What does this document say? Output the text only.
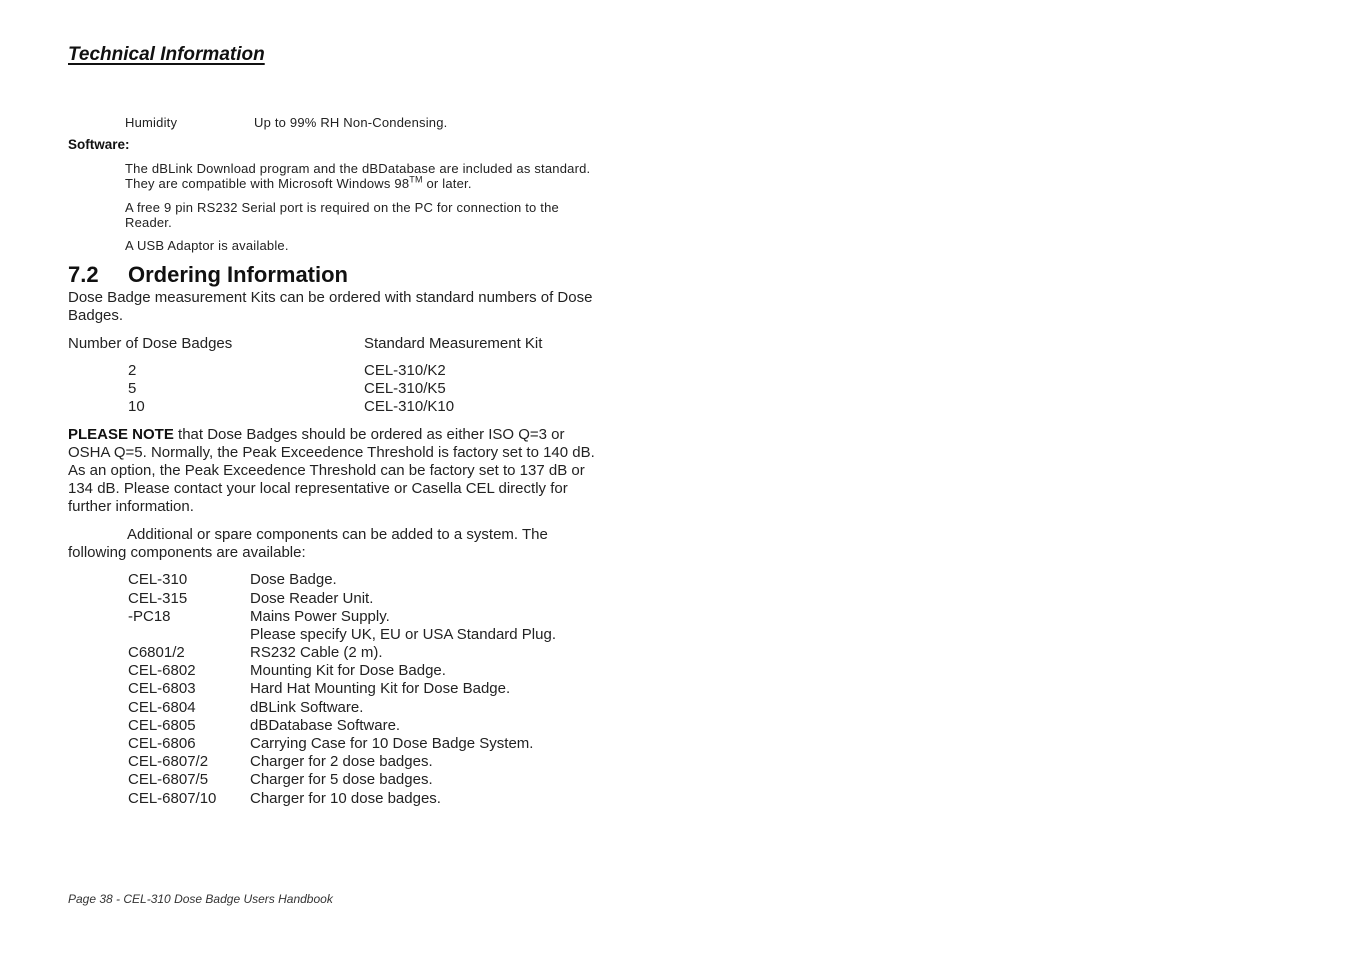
Technical Information
Humidity	Up to 99% RH Non-Condensing.
Software:
The dBLink Download program and the dBDatabase are included as standard. They are compatible with Microsoft Windows 98™ or later.
A free 9 pin RS232 Serial port is required on the PC for connection to the Reader.
A USB Adaptor is available.
7.2 Ordering Information
Dose Badge measurement Kits can be ordered with standard numbers of Dose Badges.
Number of Dose Badges	Standard Measurement Kit
2	CEL-310/K2
5	CEL-310/K5
10	CEL-310/K10
PLEASE NOTE that Dose Badges should be ordered as either ISO Q=3 or OSHA Q=5. Normally, the Peak Exceedence Threshold is factory set to 140 dB. As an option, the Peak Exceedence Threshold can be factory set to 137 dB or 134 dB. Please contact your local representative or Casella CEL directly for further information.
Additional or spare components can be added to a system. The following components are available:
CEL-310	Dose Badge.
CEL-315	Dose Reader Unit.
-PC18	Mains Power Supply.
Please specify UK, EU or USA Standard Plug.
C6801/2	RS232 Cable (2 m).
CEL-6802	Mounting Kit for Dose Badge.
CEL-6803	Hard Hat Mounting Kit for Dose Badge.
CEL-6804	dBLink Software.
CEL-6805	dBDatabase Software.
CEL-6806	Carrying Case for 10 Dose Badge System.
CEL-6807/2	Charger for 2 dose badges.
CEL-6807/5	Charger for 5 dose badges.
CEL-6807/10 Charger for 10 dose badges.
Page 38 - CEL-310 Dose Badge Users Handbook
